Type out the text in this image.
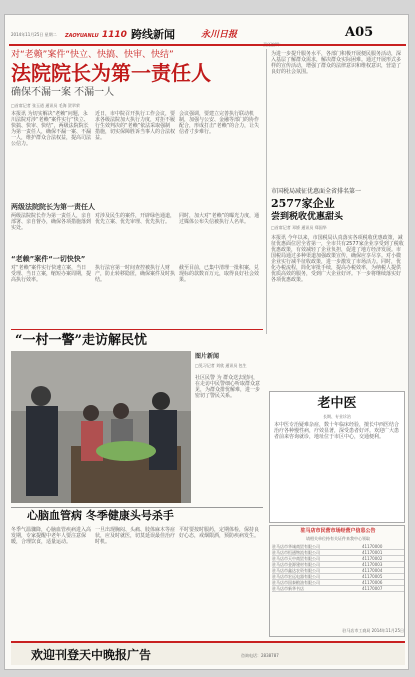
2014年11月25日 星期二	ZAOYUANLU 1110 跨线新闻	永川日报	A05
对“老赖”案件“快立、快搞、快审、快结”
法院院长为第一责任人
确保不漏一案 不漏一人
□首席记者 张玉道 通讯员 毛海 贺翠荣
本报讯 为切实解决“老赖”问题，永川法院对涉“老赖”案件实行“快立、快搞、快审、快结”，两级法院院长为第一责任人，确保不漏一案、不漏一人，维护群众合法权益，提高司法公信力。
近日，市中院召开执行工作会议，要求各级法院加大执行力度，对拒不履行生效判决的“老赖”依法采取强制措施，切实保障胜诉当事人的合法权益。
会议强调，要建立完善执行联动机制，加强与公安、金融等部门的协作配合，形成打击“老赖”的合力，让失信者寸步难行。
两级法院院长为第一责任人
两级法院院长作为第一责任人，亲自部署、亲自督办，确保各项措施落到实处。
对涉及民生的案件，开辟绿色通道，优先立案、优先审理、优先执行。
同时，加大对“老赖”的曝光力度，通过媒体公布失信被执行人名单。
“老赖”案件“一切快快”
对“老赖”案件实行快速立案，当日受理、当日立案，缩短办案周期，提高执行效率。
执行法官第一时间查控被执行人财产，防止转移隐匿，确保案件及时执结。
截至目前，已集中清理一批积案，兑现标的款数百万元，取得良好社会效果。
市国税局减征优惠面全省排名第一
2577家企业
尝到税收优惠甜头
□首席记者 邓娇 通讯员 郑国华
本报讯 今年以来，市国税局认真落实各项税收优惠政策，减征优惠面位居全省第一，全市共有2577家企业享受到了税收优惠政策，有效减轻了企业负担，促进了地方经济发展。市国税局通过多种渠道加强政策宣传，确保应享尽享。对小微企业实行减半征收政策，进一步激发了市场活力。同时，优化办税流程，简化审批手续，提高办税效率，为纳税人提供优质高效的服务，受到广大企业好评。下一步将继续落实好各项优惠政策。
为进一步提升服务水平，各部门积极开展便民服务活动，深入基层了解群众需求，解决群众实际困难。通过开展形式多样的宣传活动，增强了群众的法律意识和维权意识，营造了良好的社会氛围。
“一村一警”走访解民忧
图片新闻
□见习记者 刘欣 通讯员 包生
社区民警 为 群众送去慰问，在走访中民警细心听取群众意见，为群众排忧解难，进一步密切了警民关系。	老中医
长期、专业诊治
本中医专治疑难杂症，数十年临床经验，擅长中西医结合治疗各种慢性病，疗效显著，深受患者好评。欢迎广大患者前来咨询就诊，地址位于市区中心，交通便利。
心脑血管病 冬季健康头号杀手
冬季气温骤降，心脑血管疾病进入高发期，专家提醒中老年人要注意保暖，合理饮食，适量运动。
一旦出现胸闷、头痛、肢体麻木等症状，应及时就医，切莫延误最佳治疗时机。
平时要按时服药，定期体检，保持良好心态，戒烟限酒，预防疾病发生。
驻马店市民营市场经营户信息公告
请相关单位持有关证件来我中心领取
驻马店市华诚商贸有限公司	41170000
驻马店市恒通物流有限公司	41170001
驻马店市天中商贸有限公司	41170002
驻马店市金源建材有限公司	41170003
驻马店市鑫达农资有限公司	41170004
驻马店市宏远电器有限公司	41170005
驻马店市国泰粮油有限公司	41170006
驻马店市新华书店	41170007
驻马店市工商局 2014年11月25日
欢迎刊登天中晚报广告	咨询电话：2838787
